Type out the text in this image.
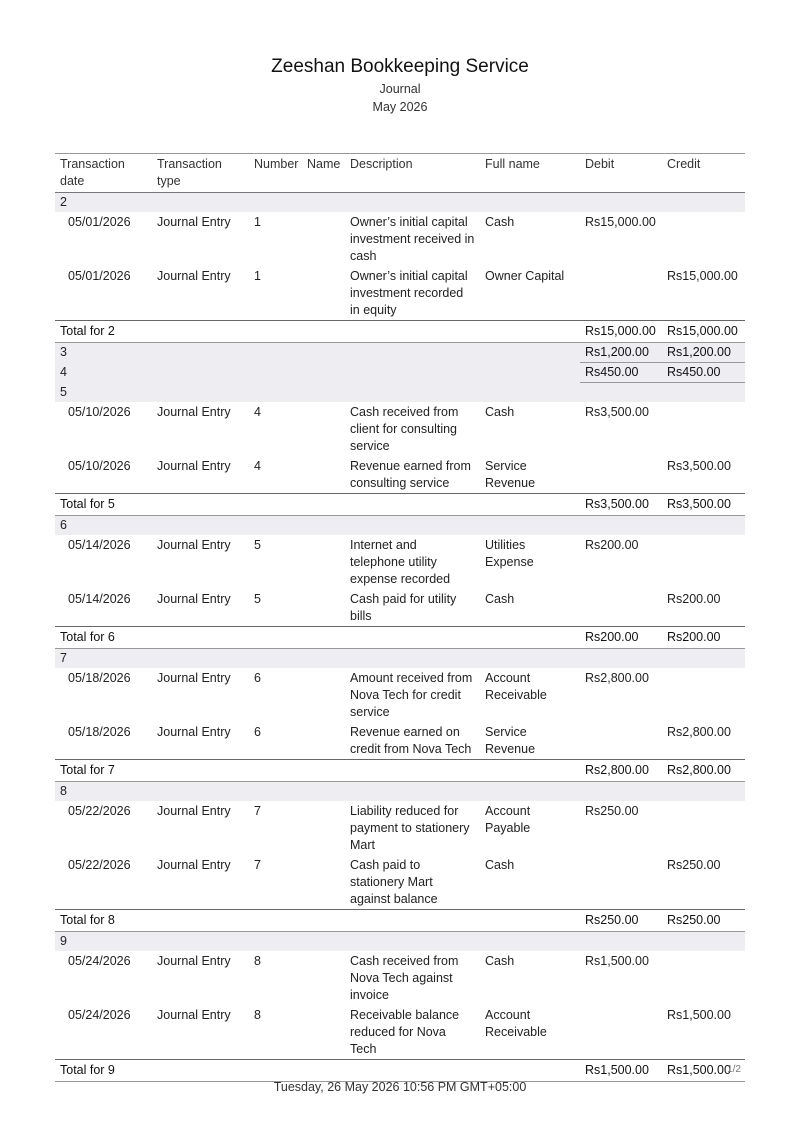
Zeeshan Bookkeeping Service
Journal
May 2026
Transaction date	Transaction type	Number	Name	Description	Full name	Debit	Credit
2							
05/01/2026	Journal Entry	1		Owner’s initial capital investment received in cash	Cash	Rs15,000.00	
05/01/2026	Journal Entry	1		Owner’s initial capital investment recorded in equity	Owner Capital		Rs15,000.00
Total for 2						Rs15,000.00	Rs15,000.00
3						Rs1,200.00	Rs1,200.00
4						Rs450.00	Rs450.00
5							
05/10/2026	Journal Entry	4		Cash received from client for consulting service	Cash	Rs3,500.00	
05/10/2026	Journal Entry	4		Revenue earned from consulting service	Service Revenue		Rs3,500.00
Total for 5						Rs3,500.00	Rs3,500.00
6							
05/14/2026	Journal Entry	5		Internet and telephone utility expense recorded	Utilities Expense	Rs200.00	
05/14/2026	Journal Entry	5		Cash paid for utility bills	Cash		Rs200.00
Total for 6						Rs200.00	Rs200.00
7							
05/18/2026	Journal Entry	6		Amount received from Nova Tech for credit service	Account Receivable	Rs2,800.00	
05/18/2026	Journal Entry	6		Revenue earned on credit from Nova Tech	Service Revenue		Rs2,800.00
Total for 7						Rs2,800.00	Rs2,800.00
8							
05/22/2026	Journal Entry	7		Liability reduced for payment to stationery Mart	Account Payable	Rs250.00	
05/22/2026	Journal Entry	7		Cash paid to stationery Mart against balance	Cash		Rs250.00
Total for 8						Rs250.00	Rs250.00
9							
05/24/2026	Journal Entry	8		Cash received from Nova Tech against invoice	Cash	Rs1,500.00	
05/24/2026	Journal Entry	8		Receivable balance reduced for Nova Tech	Account Receivable		Rs1,500.00
Total for 9						Rs1,500.00	Rs1,500.00
1/2
Tuesday, 26 May 2026 10:56 PM GMT+05:00
